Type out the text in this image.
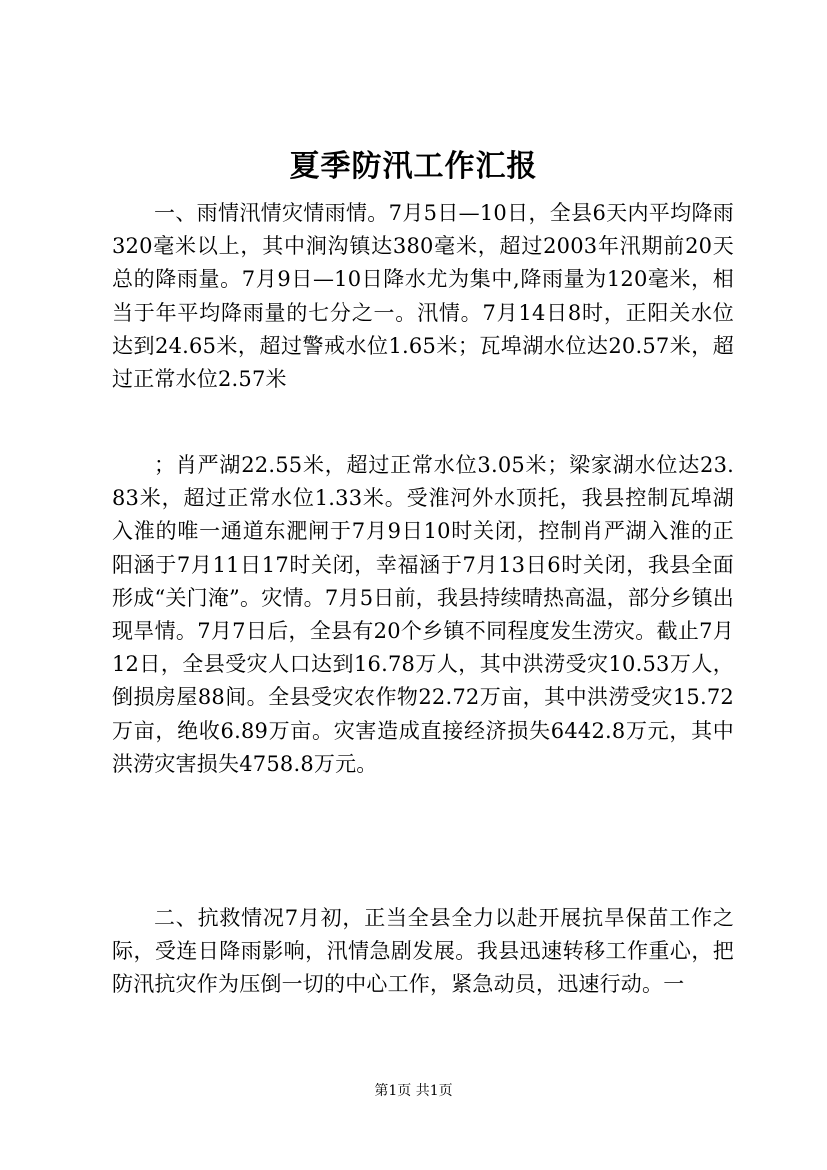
夏季防汛工作汇报

一、雨情汛情灾情雨情。7月5日—10日，全县6天内平均降雨320毫米以上，其中涧沟镇达380毫米，超过2003年汛期前20天总的降雨量。7月9日—10日降水尤为集中,降雨量为120毫米，相当于年平均降雨量的七分之一。汛情。7月14日8时，正阳关水位达到24.65米，超过警戒水位1.65米；瓦埠湖水位达20.57米，超过正常水位2.57米

；肖严湖22.55米，超过正常水位3.05米；梁家湖水位达23.83米，超过正常水位1.33米。受淮河外水顶托，我县控制瓦埠湖入淮的唯一通道东淝闸于7月9日10时关闭，控制肖严湖入淮的正阳涵于7月11日17时关闭，幸福涵于7月13日6时关闭，我县全面形成“关门淹”。灾情。7月5日前，我县持续晴热高温，部分乡镇出现旱情。7月7日后，全县有20个乡镇不同程度发生涝灾。截止7月12日，全县受灾人口达到16.78万人，其中洪涝受灾10.53万人，倒损房屋88间。全县受灾农作物22.72万亩，其中洪涝受灾15.72万亩，绝收6.89万亩。灾害造成直接经济损失6442.8万元，其中洪涝灾害损失4758.8万元。

二、抗救情况7月初，正当全县全力以赴开展抗旱保苗工作之际，受连日降雨影响，汛情急剧发展。我县迅速转移工作重心，把防汛抗灾作为压倒一切的中心工作，紧急动员，迅速行动。一

第1页 共1页
